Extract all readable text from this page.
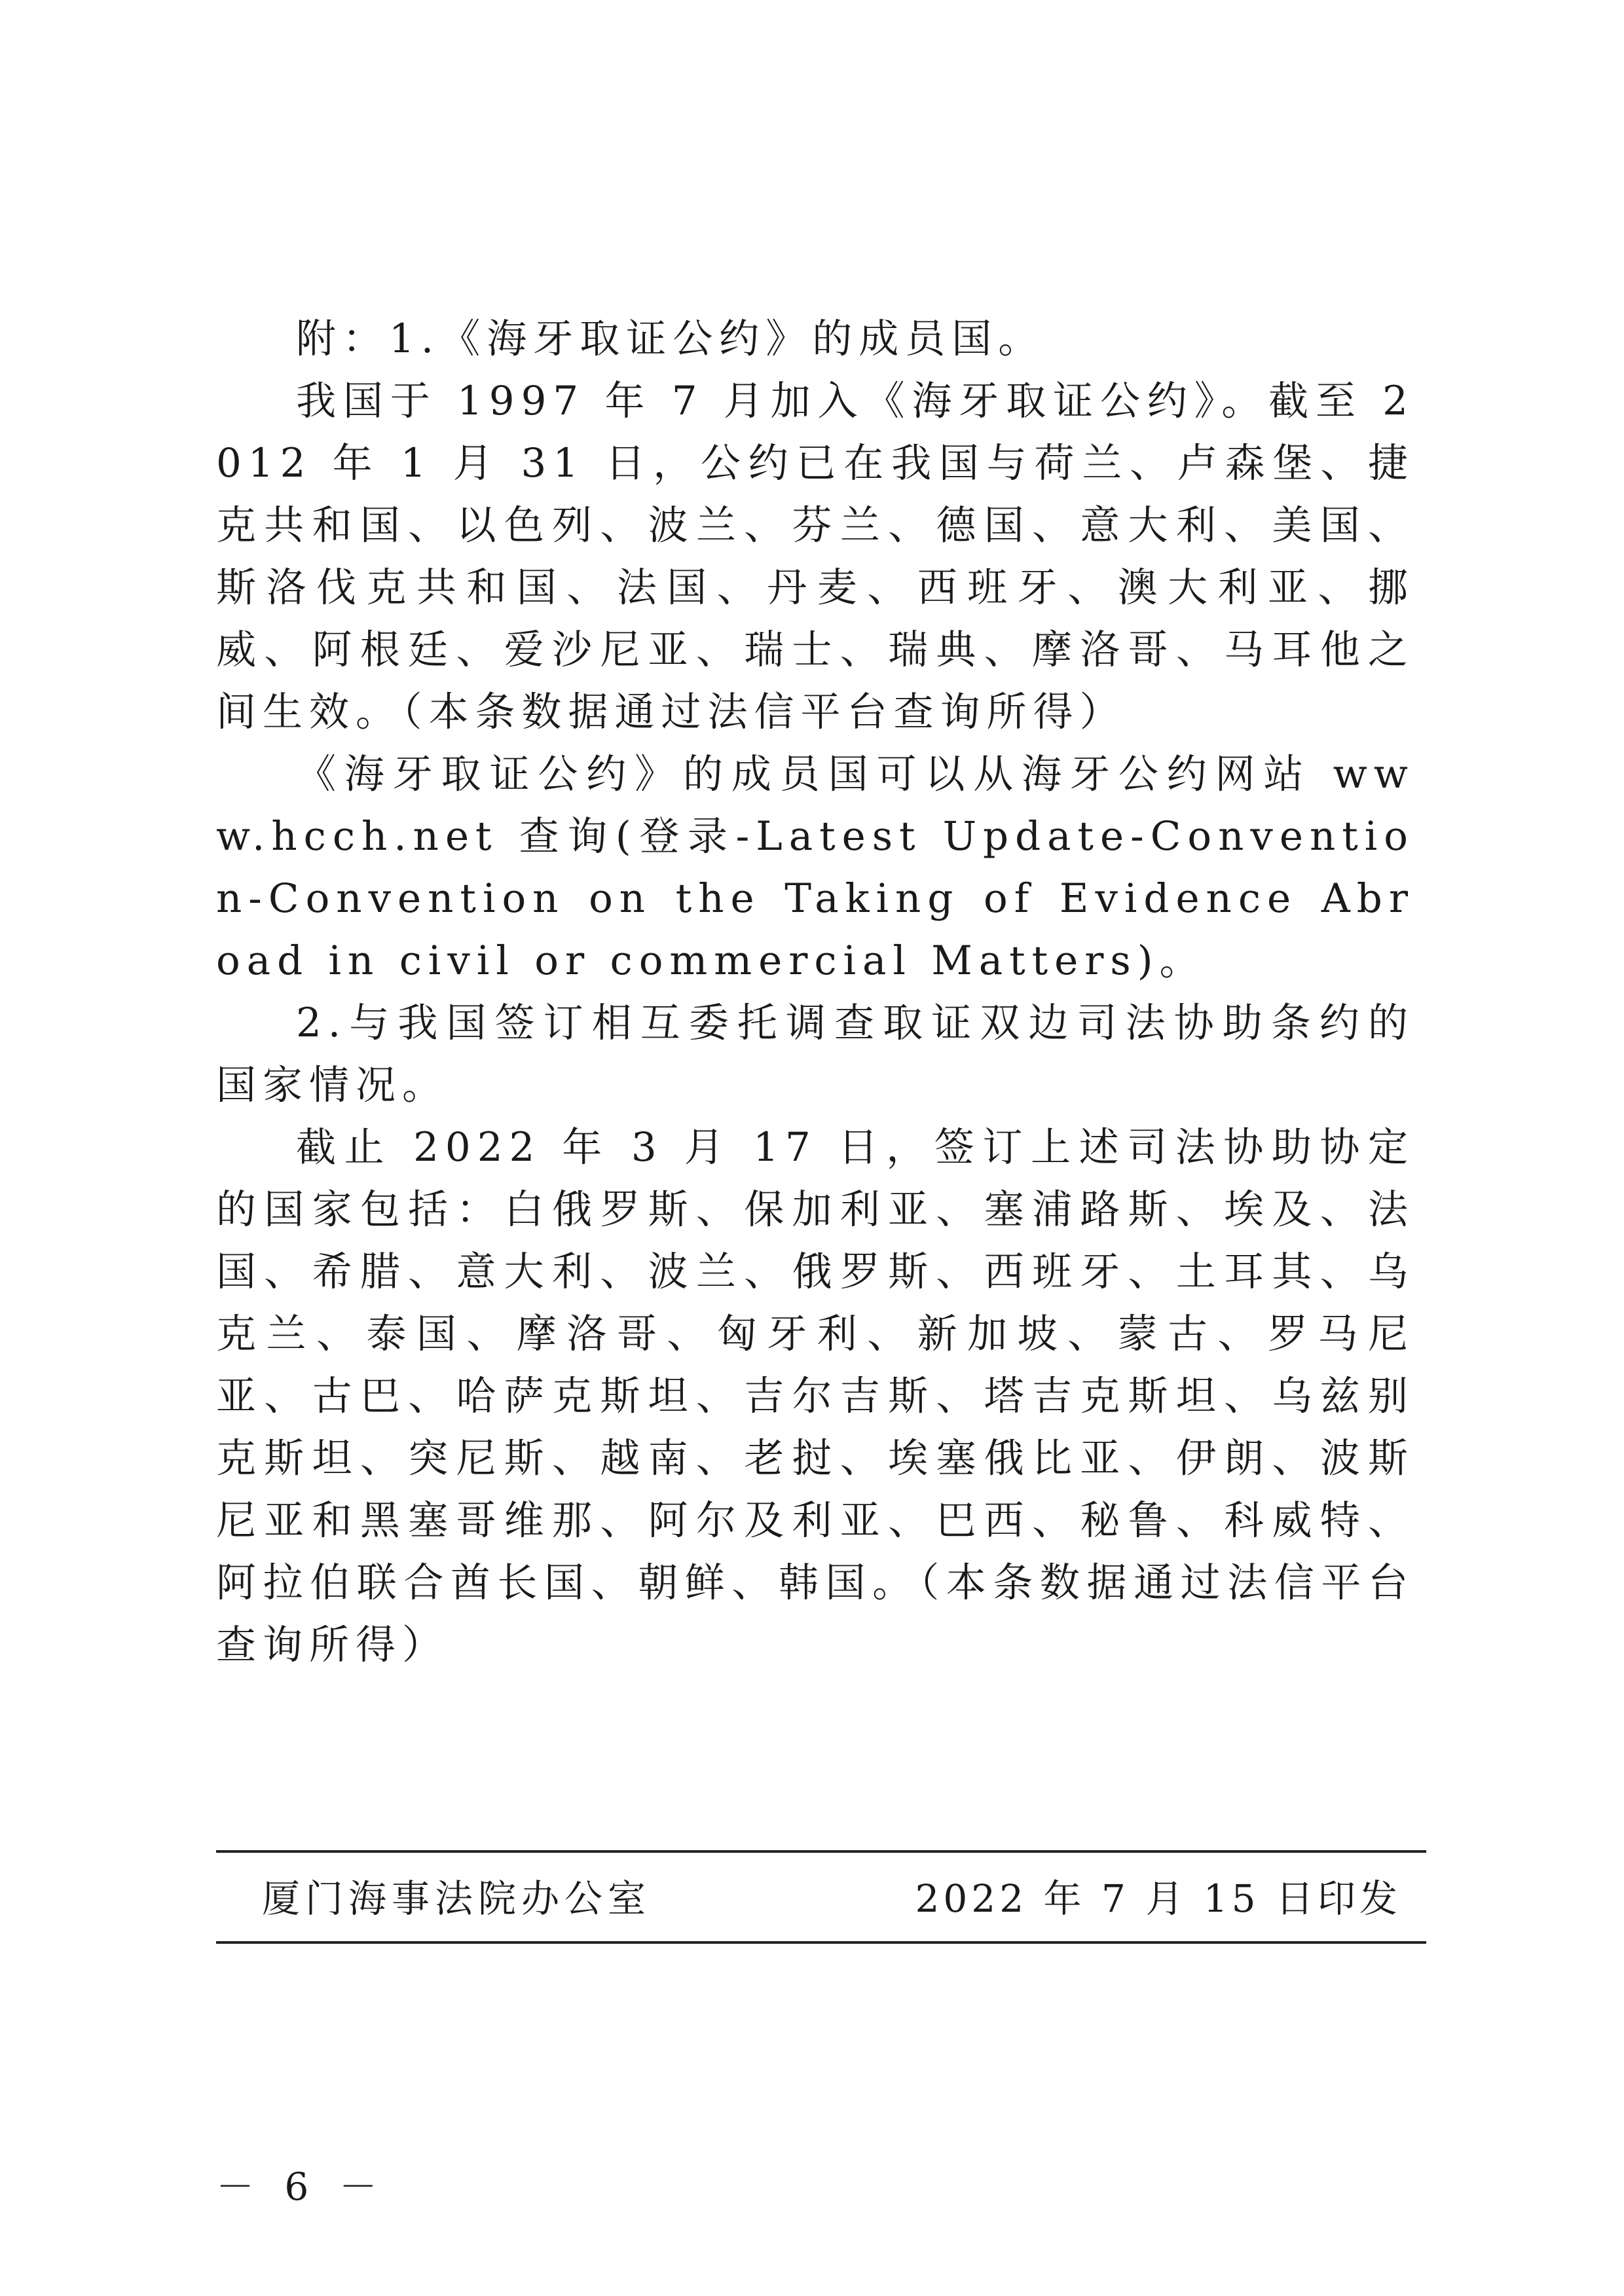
附：1.《海牙取证公约》的成员国。

我国于 1997 年 7 月加入《海牙取证公约》。截至 2012 年 1 月 31 日，公约已在我国与荷兰、卢森堡、捷克共和国、以色列、波兰、芬兰、德国、意大利、美国、斯洛伐克共和国、法国、丹麦、西班牙、澳大利亚、挪威、阿根廷、爱沙尼亚、瑞士、瑞典、摩洛哥、马耳他之间生效。（本条数据通过法信平台查询所得）

《海牙取证公约》的成员国可以从海牙公约网站 www.hcch.net 查询(登录-Latest Update-Convention-Convention on the Taking of Evidence Abroad in civil or commercial Matters)。

2.与我国签订相互委托调查取证双边司法协助条约的国家情况。

截止 2022 年 3 月 17 日，签订上述司法协助协定的国家包括：白俄罗斯、保加利亚、塞浦路斯、埃及、法国、希腊、意大利、波兰、俄罗斯、西班牙、土耳其、乌克兰、泰国、摩洛哥、匈牙利、新加坡、蒙古、罗马尼亚、古巴、哈萨克斯坦、吉尔吉斯、塔吉克斯坦、乌兹别克斯坦、突尼斯、越南、老挝、埃塞俄比亚、伊朗、波斯尼亚和黑塞哥维那、阿尔及利亚、巴西、秘鲁、科威特、阿拉伯联合酋长国、朝鲜、韩国。（本条数据通过法信平台查询所得）

厦门海事法院办公室	2022 年 7 月 15 日印发
－ 6 －
